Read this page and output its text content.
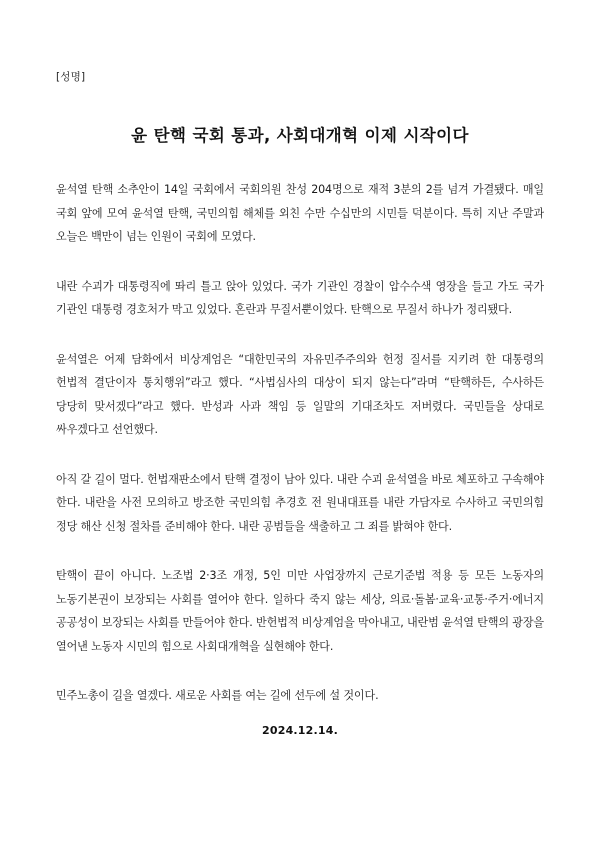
[성명]
윤 탄핵 국회 통과, 사회대개혁 이제 시작이다

윤석열 탄핵 소추안이 14일 국회에서 국회의원 찬성 204명으로 재적 3분의 2를 넘겨 가결됐다. 매일 국회 앞에 모여 윤석열 탄핵, 국민의힘 해체를 외친 수만 수십만의 시민들 덕분이다. 특히 지난 주말과 오늘은 백만이 넘는 인원이 국회에 모였다.

내란 수괴가 대통령직에 똬리 틀고 앉아 있었다. 국가 기관인 경찰이 압수수색 영장을 들고 가도 국가 기관인 대통령 경호처가 막고 있었다. 혼란과 무질서뿐이었다. 탄핵으로 무질서 하나가 정리됐다.

윤석열은 어제 담화에서 비상계엄은 “대한민국의 자유민주주의와 헌정 질서를 지키려 한 대통령의 헌법적 결단이자 통치행위”라고 했다. “사법심사의 대상이 되지 않는다”라며 “탄핵하든, 수사하든 당당히 맞서겠다”라고 했다. 반성과 사과 책임 등 일말의 기대조차도 저버렸다. 국민들을 상대로 싸우겠다고 선언했다.

아직 갈 길이 멀다. 헌법재판소에서 탄핵 결정이 남아 있다. 내란 수괴 윤석열을 바로 체포하고 구속해야 한다. 내란을 사전 모의하고 방조한 국민의힘 추경호 전 원내대표를 내란 가담자로 수사하고 국민의힘 정당 해산 신청 절차를 준비해야 한다. 내란 공범들을 색출하고 그 죄를 밝혀야 한다.

탄핵이 끝이 아니다. 노조법 2·3조 개정, 5인 미만 사업장까지 근로기준법 적용 등 모든 노동자의 노동기본권이 보장되는 사회를 열어야 한다. 일하다 죽지 않는 세상, 의료·돌봄·교육·교통·주거·에너지 공공성이 보장되는 사회를 만들어야 한다. 반헌법적 비상계엄을 막아내고, 내란범 윤석열 탄핵의 광장을 열어낸 노동자 시민의 힘으로 사회대개혁을 실현해야 한다.

민주노총이 길을 열겠다. 새로운 사회를 여는 길에 선두에 설 것이다.

2024.12.14.
